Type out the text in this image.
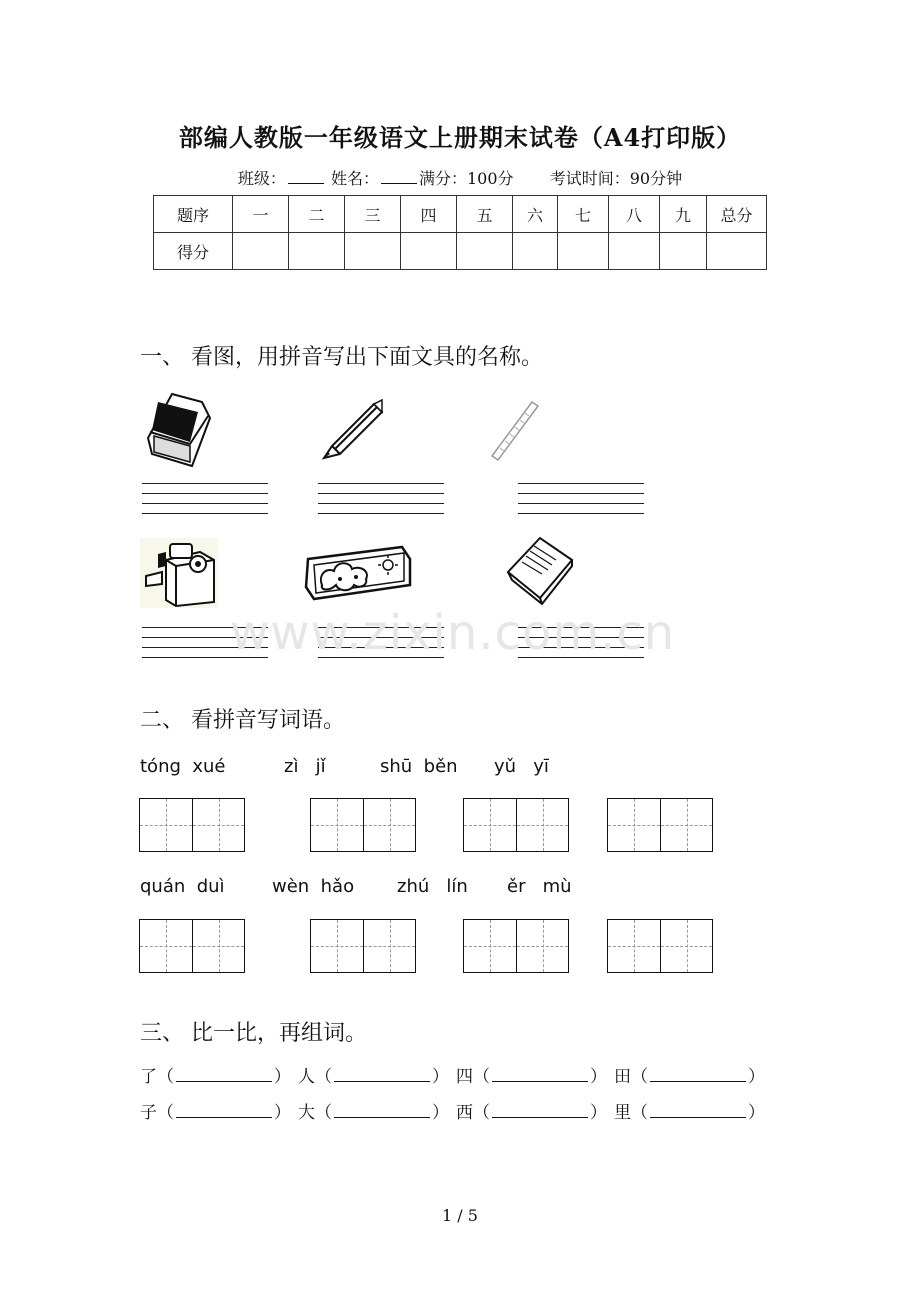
部编人教版一年级语文上册期末试卷（A4打印版）
班级：	姓名：	满分：100分 考试时间：90分钟
题序	一	二	三	四	五	六	七	八	九	总分
得分										
一、 看图，用拼音写出下面文具的名称。
www.zixin.com.cn
二、 看拼音写词语。
tóng  xué	zì   jǐ	shū  běn yǔ   yī
quán  duì	wèn  hǎo zhú   lín ěr   mù
三、 比一比，再组词。
了（	） 人（	） 四（	） 田（	）
子（	） 大（	） 西（	） 里（	）
1 / 5
